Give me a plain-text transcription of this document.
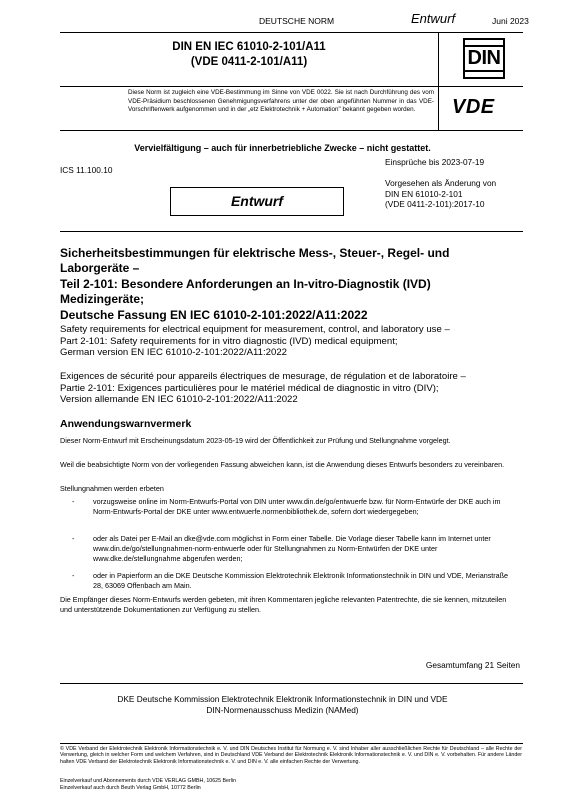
DEUTSCHE NORM	Entwurf	Juni 2023
DIN EN IEC 61010-2-101/A11
(VDE 0411-2-101/A11)	DIN
Diese Norm ist zugleich eine VDE-Bestimmung im Sinne von VDE 0022. Sie ist nach Durchführung des vom VDE-Präsidium beschlossenen Genehmigungsverfahrens unter der oben angeführten Nummer in das VDE-Vorschriftenwerk aufgenommen und in der „etz Elektrotechnik + Automation" bekannt gegeben worden.	VDE
Vervielfältigung – auch für innerbetriebliche Zwecke – nicht gestattet.
Einsprüche bis 2023-07-19
ICS 11.100.10
Vorgesehen als Änderung von
DIN EN 61010-2-101
(VDE 0411-2-101):2017-10
Entwurf
Sicherheitsbestimmungen für elektrische Mess-, Steuer-, Regel- und
Laborgeräte –
Teil 2-101: Besondere Anforderungen an In-vitro-Diagnostik (IVD)
Medizingeräte;
Deutsche Fassung EN IEC 61010-2-101:2022/A11:2022
Safety requirements for electrical equipment for measurement, control, and laboratory use –
Part 2-101: Safety requirements for in vitro diagnostic (IVD) medical equipment;
German version EN IEC 61010-2-101:2022/A11:2022
Exigences de sécurité pour appareils électriques de mesurage, de régulation et de laboratoire –
Partie 2-101: Exigences particulières pour le matériel médical de diagnostic in vitro (DIV);
Version allemande EN IEC 61010-2-101:2022/A11:2022
Anwendungswarnvermerk
Dieser Norm-Entwurf mit Erscheinungsdatum 2023-05-19 wird der Öffentlichkeit zur Prüfung und Stellungnahme vorgelegt.
Weil die beabsichtigte Norm von der vorliegenden Fassung abweichen kann, ist die Anwendung dieses Entwurfs besonders zu vereinbaren.
Stellungnahmen werden erbeten
-	vorzugsweise online im Norm-Entwurfs-Portal von DIN unter www.din.de/go/entwuerfe bzw. für Norm-Entwürfe der DKE auch im Norm-Entwurfs-Portal der DKE unter www.entwuerfe.normenbibliothek.de, sofern dort wiedergegeben;
-	oder als Datei per E-Mail an dke@vde.com möglichst in Form einer Tabelle. Die Vorlage dieser Tabelle kann im Internet unter www.din.de/go/stellungnahmen-norm-entwuerfe oder für Stellungnahmen zu Norm-Entwürfen der DKE unter www.dke.de/stellungnahme abgerufen werden;
-	oder in Papierform an die DKE Deutsche Kommission Elektrotechnik Elektronik Informationstechnik in DIN und VDE, Merianstraße 28, 63069 Offenbach am Main.
Die Empfänger dieses Norm-Entwurfs werden gebeten, mit ihren Kommentaren jegliche relevanten Patentrechte, die sie kennen, mitzuteilen und unterstützende Dokumentationen zur Verfügung zu stellen.
Gesamtumfang 21 Seiten
DKE Deutsche Kommission Elektrotechnik Elektronik Informationstechnik in DIN und VDE
DIN-Normenausschuss Medizin (NAMed)
© VDE Verband der Elektrotechnik Elektronik Informationstechnik e. V. und DIN Deutsches Institut für Normung e. V. sind Inhaber aller ausschließlichen Rechte für Deutschland – alle Rechte der Verwertung, gleich in welcher Form und welchem Verfahren, sind in Deutschland VDE Verband der Elektrotechnik Elektronik Informationstechnik e. V. und DIN e. V. vorbehalten. Für andere Länder halten VDE Verband der Elektrotechnik Elektronik Informationstechnik e. V. und DIN e. V. alle einfachen Rechte der Verwertung.
Einzelverkauf und Abonnements durch VDE VERLAG GMBH, 10625 Berlin
Einzelverkauf auch durch Beuth Verlag GmbH, 10772 Berlin
